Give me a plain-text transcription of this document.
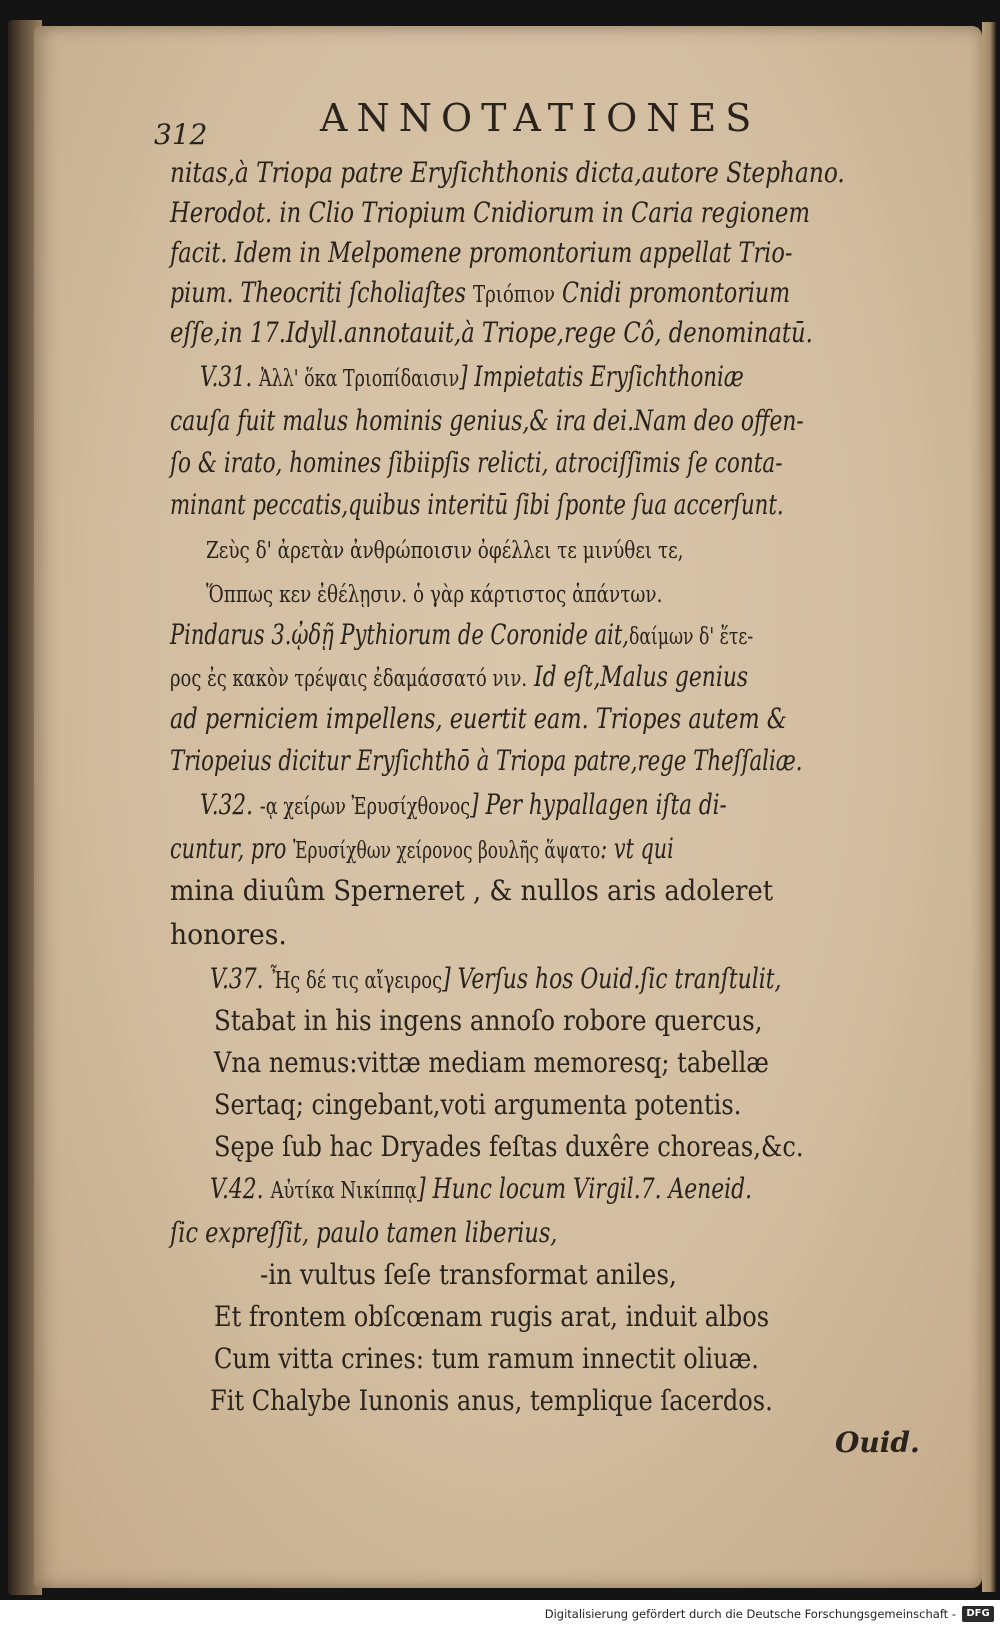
312	ANNOTATIONES
nitas,à Triopa patre Eryſichthonis dicta,autore Stephano.
Herodot. in Clio Triopium Cnidiorum in Caria regionem
facit. Idem in Melpomene promontorium appellat Trio-
pium. Theocriti ſcholiaſtes Τριόπιον Cnidi promontorium
eſſe,in 17.Idyll.annotauit,à Triope,rege Cô, denominatū.
V.31. Ἀλλ' ὅκα Τριοπίδαισιν] Impietatis Eryſichthoniæ
cauſa fuit malus hominis genius,& ira dei.Nam deo offen-
ſo & irato, homines ſibiipſis relicti, atrociſſimis ſe conta-
minant peccatis,quibus interitū ſibi ſponte ſua accerſunt.
Ζεὺς δ' ἀρετὰν ἀνθρώποισιν ὀφέλλει τε μινύθει τε,
Ὅππως κεν ἐθέλῃσιν. ὁ γὰρ κάρτιστος ἁπάντων.
Pindarus 3.ᾠδῇ Pythiorum de Coronide ait,δαίμων δ' ἕτε-
ρος ἐς κακὸν τρέψαις ἐδαμάσσατό νιν. Id eſt,Malus genius
ad perniciem impellens, euertit eam. Triopes autem &
Triopeius dicitur Eryſichthō à Triopa patre,rege Theſſaliæ.
V.32. -ᾳ χείρων Ἐρυσίχθονος] Per hypallagen iſta di-
cuntur, pro Ἐρυσίχθων χείρονος βουλῆς ἅψατο: vt qui
mina diuûm Sperneret , & nullos aris adoleret
honores.
V.37. Ἦς δέ τις αἴγειρος] Verſus hos Ouid.ſic tranſtulit,
Stabat in his ingens annoſo robore quercus,
Vna nemus:vittæ mediam memoresq; tabellæ
Sertaq; cingebant,voti argumenta potentis.
Sępe ſub hac Dryades feſtas duxêre choreas,&c.
V.42. Αὐτίκα Νικίππᾳ] Hunc locum Virgil.7. Aeneid.
ſic expreſſit, paulo tamen liberius,
-in vultus ſeſe transformat aniles,
Et frontem obſcœnam rugis arat, induit albos
Cum vitta crines: tum ramum innectit oliuæ.
Fit Chalybe Iunonis anus, templique ſacerdos.
Ouid.
Digitalisierung gefördert durch die Deutsche Forschungsgemeinschaft -	DFG
